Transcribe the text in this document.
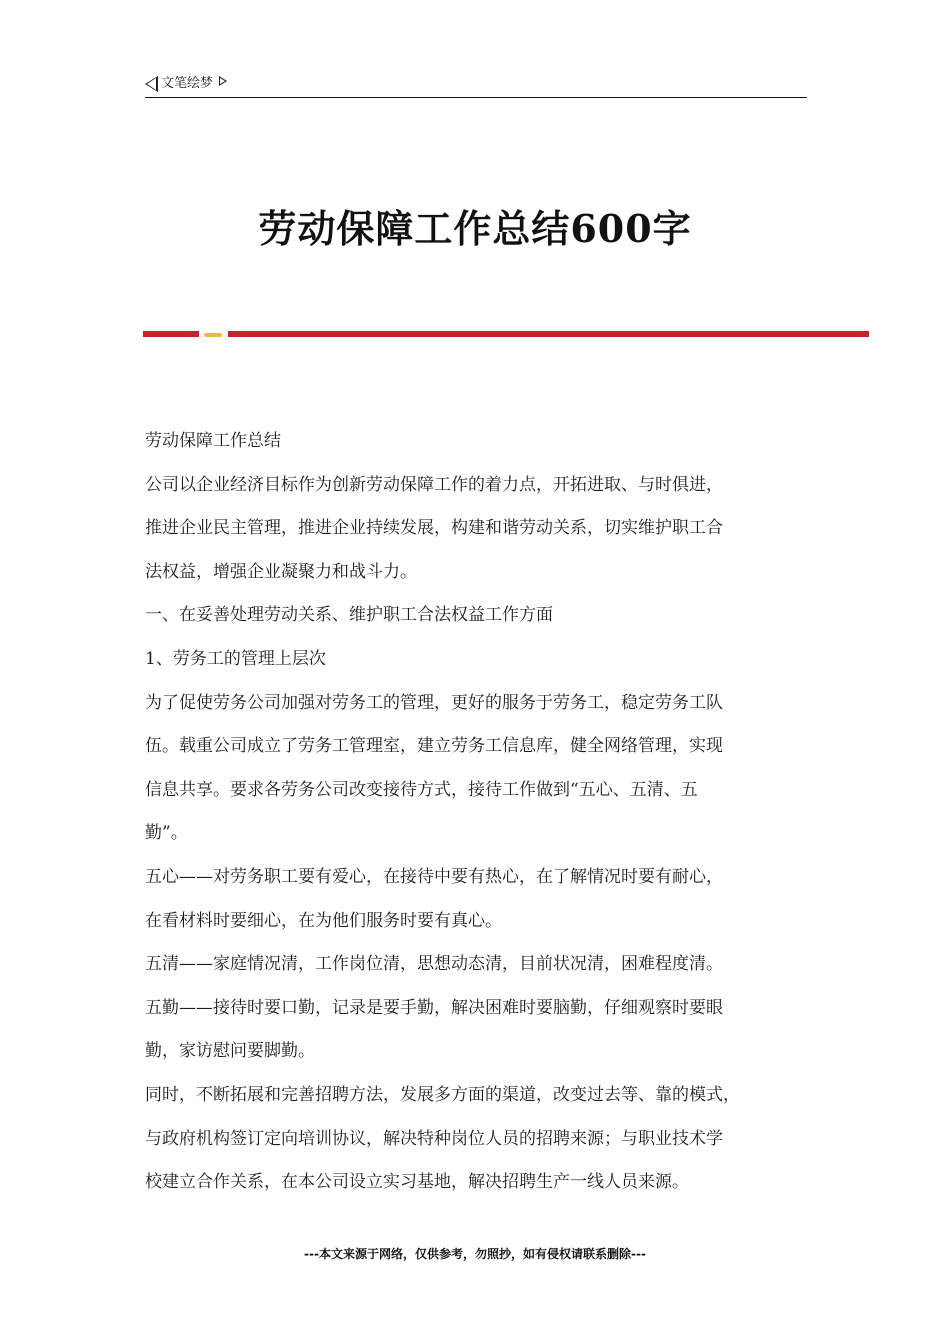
文笔绘梦
劳动保障工作总结600字
劳动保障工作总结
公司以企业经济目标作为创新劳动保障工作的着力点，开拓进取、与时俱进，
推进企业民主管理，推进企业持续发展，构建和谐劳动关系，切实维护职工合
法权益，增强企业凝聚力和战斗力。
一、在妥善处理劳动关系、维护职工合法权益工作方面
1、劳务工的管理上层次
为了促使劳务公司加强对劳务工的管理，更好的服务于劳务工，稳定劳务工队
伍。载重公司成立了劳务工管理室，建立劳务工信息库，健全网络管理，实现
信息共享。要求各劳务公司改变接待方式，接待工作做到“五心、五清、五
勤”。
五心——对劳务职工要有爱心，在接待中要有热心，在了解情况时要有耐心，
在看材料时要细心，在为他们服务时要有真心。
五清——家庭情况清，工作岗位清，思想动态清，目前状况清，困难程度清。
五勤——接待时要口勤，记录是要手勤，解决困难时要脑勤，仔细观察时要眼
勤，家访慰问要脚勤。
同时，不断拓展和完善招聘方法，发展多方面的渠道，改变过去等、靠的模式，
与政府机构签订定向培训协议，解决特种岗位人员的招聘来源；与职业技术学
校建立合作关系，在本公司设立实习基地，解决招聘生产一线人员来源。
---本文来源于网络，仅供参考，勿照抄，如有侵权请联系删除---
